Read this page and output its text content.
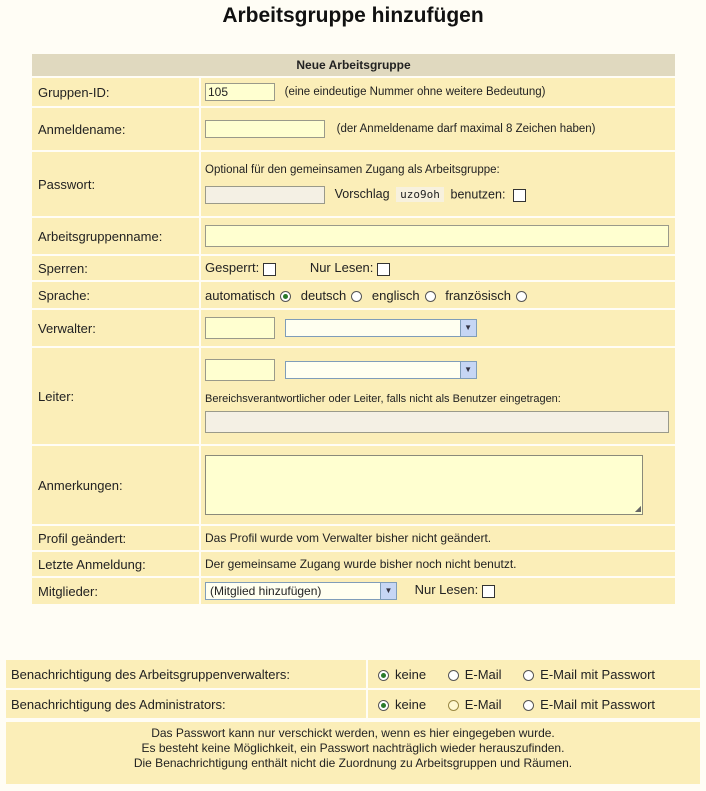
Arbeitsgruppe hinzufügen
Neue Arbeitsgruppe	
Gruppen-ID:	105 (eine eindeutige Nummer ohne weitere Bedeutung)
Anmeldename:	(der Anmeldename darf maximal 8 Zeichen haben)
Passwort:	Optional für den gemeinsamen Zugang als Arbeitsgruppe:
Vorschlag uzo9oh benutzen:

Arbeitsgruppenname:	
Sperren:	Gesperrt: Nur Lesen:
Sprache:	automatisch deutsch englisch französisch
Verwalter:	▼

Leiter:	▼
Bereichsverantwortlicher oder Leiter, falls nicht als Benutzer eingetragen:

Anmerkungen:	◢

Profil geändert:	Das Profil wurde vom Verwalter bisher nicht geändert.
Letzte Anmeldung:	Der gemeinsame Zugang wurde bisher noch nicht benutzt.
Mitglieder:	(Mitglied hinzufügen) ▼ Nur Lesen:
Benachrichtigung des Arbeitsgruppenverwalters:	keine E-Mail E-Mail mit Passwort
Benachrichtigung des Administrators:	keine E-Mail E-Mail mit Passwort
Das Passwort kann nur verschickt werden, wenn es hier eingegeben wurde.
Es besteht keine Möglichkeit, ein Passwort nachträglich wieder herauszufinden.
Die Benachrichtigung enthält nicht die Zuordnung zu Arbeitsgruppen und Räumen.
